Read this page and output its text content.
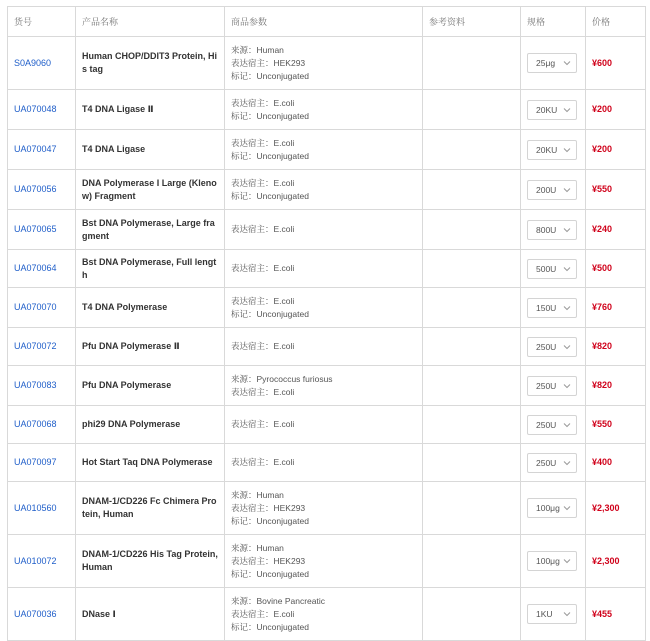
货号	产品名称	商品参数	参考资料	规格	价格
S0A9060	Human CHOP/DDIT3 Protein, His tag	来源：Human
表达宿主：HEK293
标记：Unconjugated		25μg	¥600
UA070048	T4 DNA Ligase Ⅱ	表达宿主：E.coli
标记：Unconjugated		20KU	¥200
UA070047	T4 DNA Ligase	表达宿主：E.coli
标记：Unconjugated		20KU	¥200
UA070056	DNA Polymerase I Large (Klenow) Fragment	表达宿主：E.coli
标记：Unconjugated		200U	¥550
UA070065	Bst DNA Polymerase, Large fragment	表达宿主：E.coli		800U	¥240
UA070064	Bst DNA Polymerase, Full length	表达宿主：E.coli		500U	¥500
UA070070	T4 DNA Polymerase	表达宿主：E.coli
标记：Unconjugated		150U	¥760
UA070072	Pfu DNA Polymerase Ⅱ	表达宿主：E.coli		250U	¥820
UA070083	Pfu DNA Polymerase	来源：Pyrococcus furiosus
表达宿主：E.coli		250U	¥820
UA070068	phi29 DNA Polymerase	表达宿主：E.coli		250U	¥550
UA070097	Hot Start Taq DNA Polymerase	表达宿主：E.coli		250U	¥400
UA010560	DNAM-1/CD226 Fc Chimera Protein, Human	来源：Human
表达宿主：HEK293
标记：Unconjugated		100μg	¥2,300
UA010072	DNAM-1/CD226 His Tag Protein, Human	来源：Human
表达宿主：HEK293
标记：Unconjugated		100μg	¥2,300
UA070036	DNase Ⅰ	来源：Bovine Pancreatic
表达宿主：E.coli
标记：Unconjugated		1KU	¥455
